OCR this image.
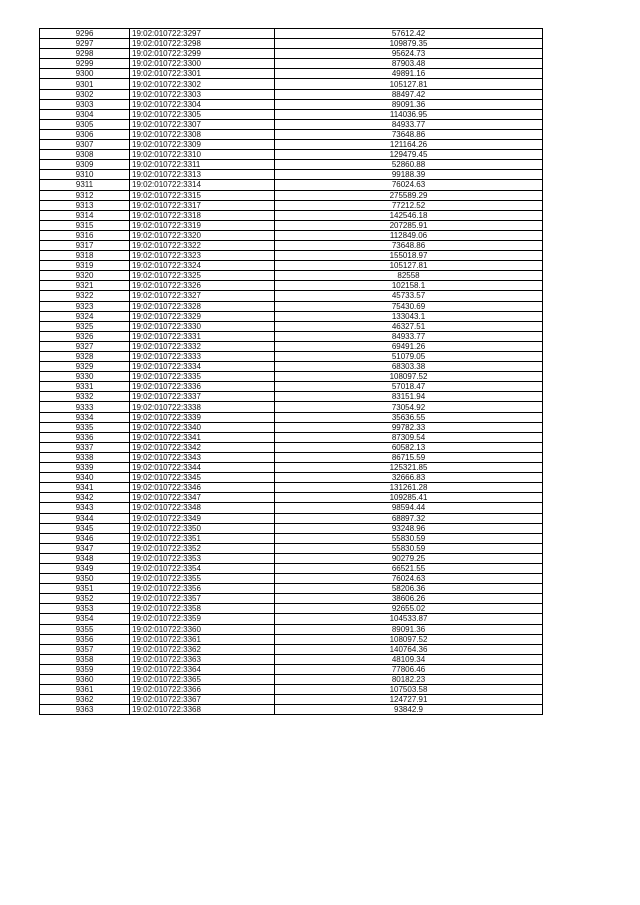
9296	19:02:010722:3297	57612.42
9297	19:02:010722:3298	109879.35
9298	19:02:010722:3299	95624.73
9299	19:02:010722:3300	87903.48
9300	19:02:010722:3301	49891.16
9301	19:02:010722:3302	105127.81
9302	19:02:010722:3303	88497.42
9303	19:02:010722:3304	89091.36
9304	19:02:010722:3305	114036.95
9305	19:02:010722:3307	84933.77
9306	19:02:010722:3308	73648.86
9307	19:02:010722:3309	121164.26
9308	19:02:010722:3310	129479.45
9309	19:02:010722:3311	52860.88
9310	19:02:010722:3313	99188.39
9311	19:02:010722:3314	76024.63
9312	19:02:010722:3315	275589.29
9313	19:02:010722:3317	77212.52
9314	19:02:010722:3318	142546.18
9315	19:02:010722:3319	207285.91
9316	19:02:010722:3320	112849.06
9317	19:02:010722:3322	73648.86
9318	19:02:010722:3323	155018.97
9319	19:02:010722:3324	105127.81
9320	19:02:010722:3325	82558
9321	19:02:010722:3326	102158.1
9322	19:02:010722:3327	45733.57
9323	19:02:010722:3328	75430.69
9324	19:02:010722:3329	133043.1
9325	19:02:010722:3330	46327.51
9326	19:02:010722:3331	84933.77
9327	19:02:010722:3332	69491.26
9328	19:02:010722:3333	51079.05
9329	19:02:010722:3334	68303.38
9330	19:02:010722:3335	108097.52
9331	19:02:010722:3336	57018.47
9332	19:02:010722:3337	83151.94
9333	19:02:010722:3338	73054.92
9334	19:02:010722:3339	35636.55
9335	19:02:010722:3340	99782.33
9336	19:02:010722:3341	87309.54
9337	19:02:010722:3342	60582.13
9338	19:02:010722:3343	86715.59
9339	19:02:010722:3344	125321.85
9340	19:02:010722:3345	32666.83
9341	19:02:010722:3346	131261.28
9342	19:02:010722:3347	109285.41
9343	19:02:010722:3348	98594.44
9344	19:02:010722:3349	68897.32
9345	19:02:010722:3350	93248.96
9346	19:02:010722:3351	55830.59
9347	19:02:010722:3352	55830.59
9348	19:02:010722:3353	90279.25
9349	19:02:010722:3354	66521.55
9350	19:02:010722:3355	76024.63
9351	19:02:010722:3356	58206.36
9352	19:02:010722:3357	38606.26
9353	19:02:010722:3358	92655.02
9354	19:02:010722:3359	104533.87
9355	19:02:010722:3360	89091.36
9356	19:02:010722:3361	108097.52
9357	19:02:010722:3362	140764.36
9358	19:02:010722:3363	48109.34
9359	19:02:010722:3364	77806.46
9360	19:02:010722:3365	80182.23
9361	19:02:010722:3366	107503.58
9362	19:02:010722:3367	124727.91
9363	19:02:010722:3368	93842.9
